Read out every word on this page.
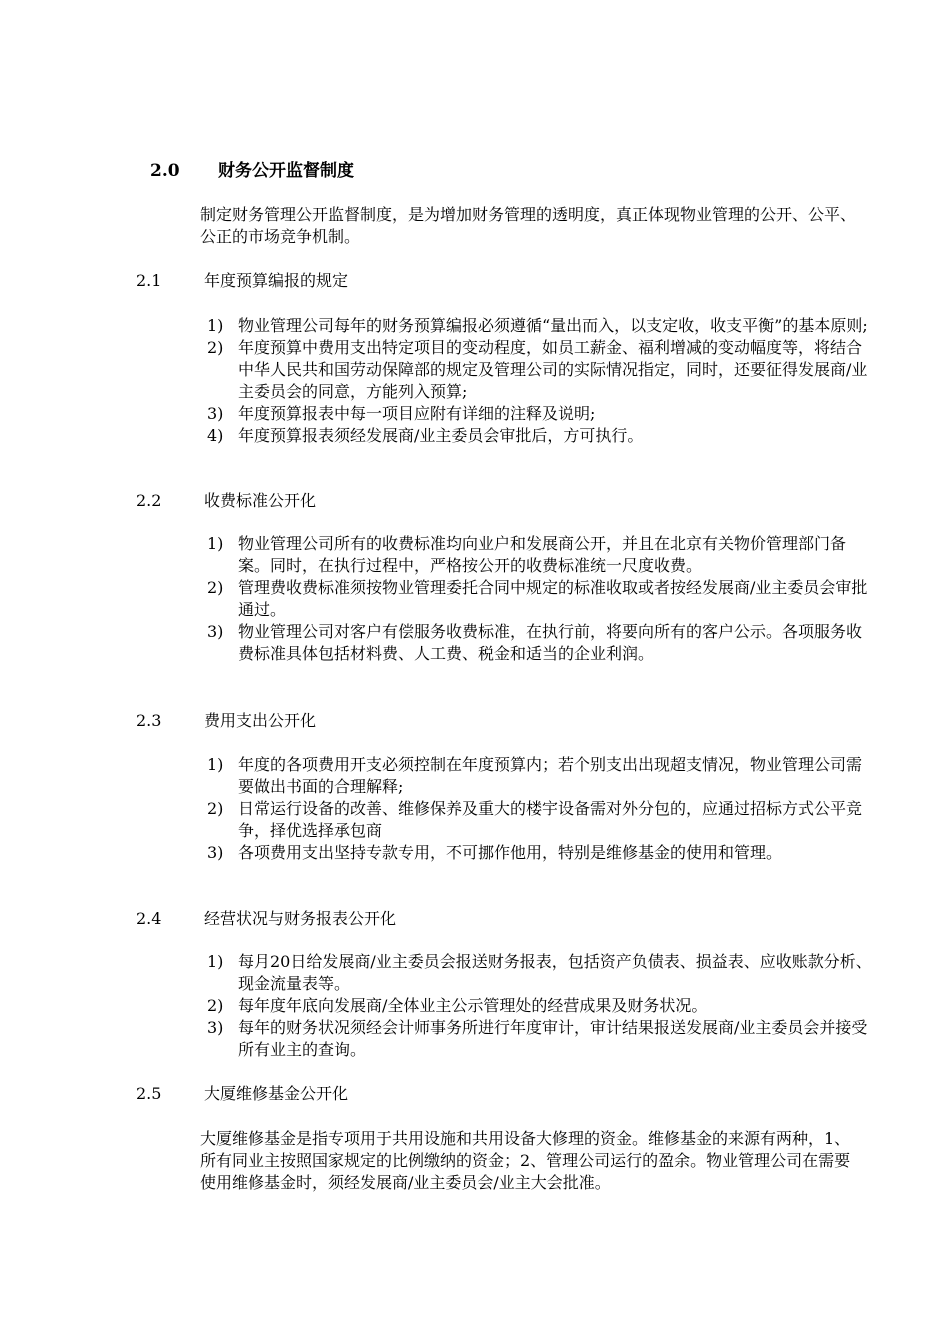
2.0 财务公开监督制度
制定财务管理公开监督制度，是为增加财务管理的透明度，真正体现物业管理的公开、公平、公正的市场竞争机制。
2.1	年度预算编报的规定
1) 物业管理公司每年的财务预算编报必须遵循“量出而入，以支定收，收支平衡”的基本原则;
2) 年度预算中费用支出特定项目的变动程度，如员工薪金、福利增减的变动幅度等，将结合中华人民共和国劳动保障部的规定及管理公司的实际情况指定，同时，还要征得发展商/业主委员会的同意，方能列入预算;
3) 年度预算报表中每一项目应附有详细的注释及说明;
4) 年度预算报表须经发展商/业主委员会审批后，方可执行。
2.2	收费标准公开化
1) 物业管理公司所有的收费标准均向业户和发展商公开，并且在北京有关物价管理部门备案。同时，在执行过程中，严格按公开的收费标准统一尺度收费。
2) 管理费收费标准须按物业管理委托合同中规定的标准收取或者按经发展商/业主委员会审批通过。
3) 物业管理公司对客户有偿服务收费标准，在执行前，将要向所有的客户公示。各项服务收费标准具体包括材料费、人工费、税金和适当的企业利润。
2.3	费用支出公开化
1) 年度的各项费用开支必须控制在年度预算内；若个别支出出现超支情况，物业管理公司需要做出书面的合理解释;
2) 日常运行设备的改善、维修保养及重大的楼宇设备需对外分包的，应通过招标方式公平竞争，择优选择承包商
3) 各项费用支出坚持专款专用，不可挪作他用，特别是维修基金的使用和管理。
2.4	经营状况与财务报表公开化
1) 每月20日给发展商/业主委员会报送财务报表，包括资产负债表、损益表、应收账款分析、现金流量表等。
2) 每年度年底向发展商/全体业主公示管理处的经营成果及财务状况。
3) 每年的财务状况须经会计师事务所进行年度审计，审计结果报送发展商/业主委员会并接受所有业主的查询。
2.5	大厦维修基金公开化
大厦维修基金是指专项用于共用设施和共用设备大修理的资金。维修基金的来源有两种，1、所有同业主按照国家规定的比例缴纳的资金；2、管理公司运行的盈余。物业管理公司在需要使用维修基金时，须经发展商/业主委员会/业主大会批准。
